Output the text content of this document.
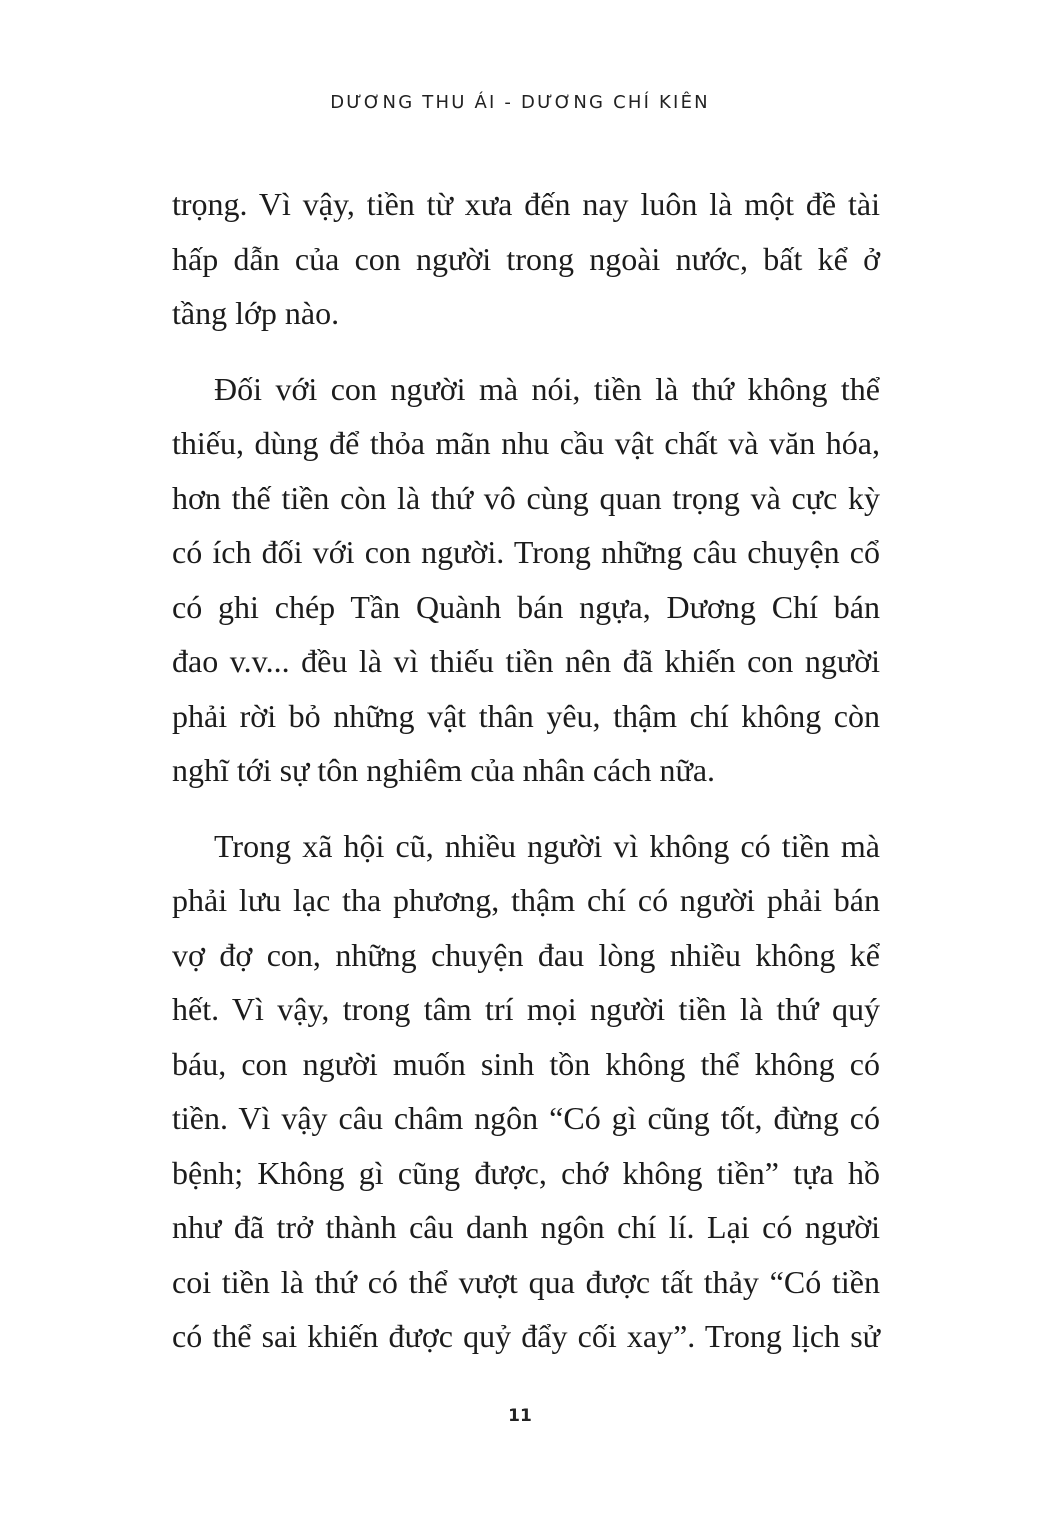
DƯƠNG THU ÁI - DƯƠNG CHÍ KIÊN
trọng. Vì vậy, tiền từ xưa đến nay luôn là một đề tài
hấp dẫn của con người trong ngoài nước, bất kể ở
tầng lớp nào.
Đối với con người mà nói, tiền là thứ không thể
thiếu, dùng để thỏa mãn nhu cầu vật chất và văn hóa,
hơn thế tiền còn là thứ vô cùng quan trọng và cực kỳ
có ích đối với con người. Trong những câu chuyện cổ
có ghi chép Tần Quành bán ngựa, Dương Chí bán
đao v.v... đều là vì thiếu tiền nên đã khiến con người
phải rời bỏ những vật thân yêu, thậm chí không còn
nghĩ tới sự tôn nghiêm của nhân cách nữa.
Trong xã hội cũ, nhiều người vì không có tiền mà
phải lưu lạc tha phương, thậm chí có người phải bán
vợ đợ con, những chuyện đau lòng nhiều không kể
hết. Vì vậy, trong tâm trí mọi người tiền là thứ quý
báu, con người muốn sinh tồn không thể không có
tiền. Vì vậy câu châm ngôn “Có gì cũng tốt, đừng có
bệnh; Không gì cũng được, chớ không tiền” tựa hồ
như đã trở thành câu danh ngôn chí lí. Lại có người
coi tiền là thứ có thể vượt qua được tất thảy “Có tiền
có thể sai khiến được quỷ đẩy cối xay”. Trong lịch sử
11
